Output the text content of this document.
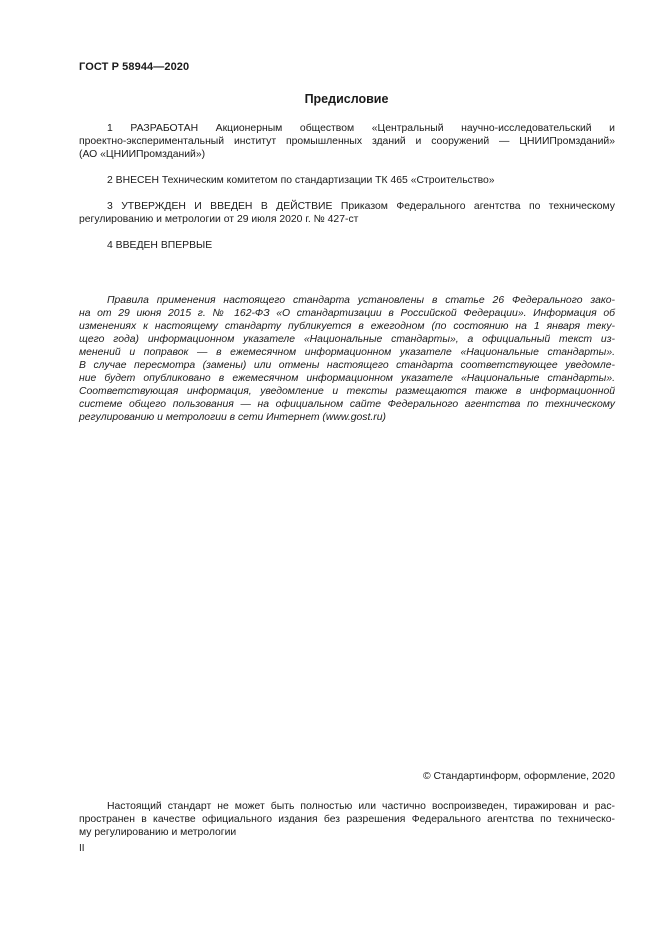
ГОСТ Р 58944—2020
Предисловие
1 РАЗРАБОТАН Акционерным обществом «Центральный научно-исследовательский и
проектно-экспериментальный институт промышленных зданий и сооружений — ЦНИИПромзданий»
(АО «ЦНИИПромзданий»)
2 ВНЕСЕН Техническим комитетом по стандартизации ТК 465 «Строительство»
3 УТВЕРЖДЕН И ВВЕДЕН В ДЕЙСТВИЕ Приказом Федерального агентства по техническому
регулированию и метрологии от 29 июля 2020 г. № 427-ст
4 ВВЕДЕН ВПЕРВЫЕ
Правила применения настоящего стандарта установлены в статье 26 Федерального зако-
на от 29 июня 2015 г. № 162-ФЗ «О стандартизации в Российской Федерации». Информация об
изменениях к настоящему стандарту публикуется в ежегодном (по состоянию на 1 января теку-
щего года) информационном указателе «Национальные стандарты», а официальный текст из-
менений и поправок — в ежемесячном информационном указателе «Национальные стандарты».
В случае пересмотра (замены) или отмены настоящего стандарта соответствующее уведомле-
ние будет опубликовано в ежемесячном информационном указателе «Национальные стандарты».
Соответствующая информация, уведомление и тексты размещаются также в информационной
системе общего пользования — на официальном сайте Федерального агентства по техническому
регулированию и метрологии в сети Интернет (www.gost.ru)
© Стандартинформ, оформление, 2020
Настоящий стандарт не может быть полностью или частично воспроизведен, тиражирован и рас-
пространен в качестве официального издания без разрешения Федерального агентства по техническо-
му регулированию и метрологии
II
